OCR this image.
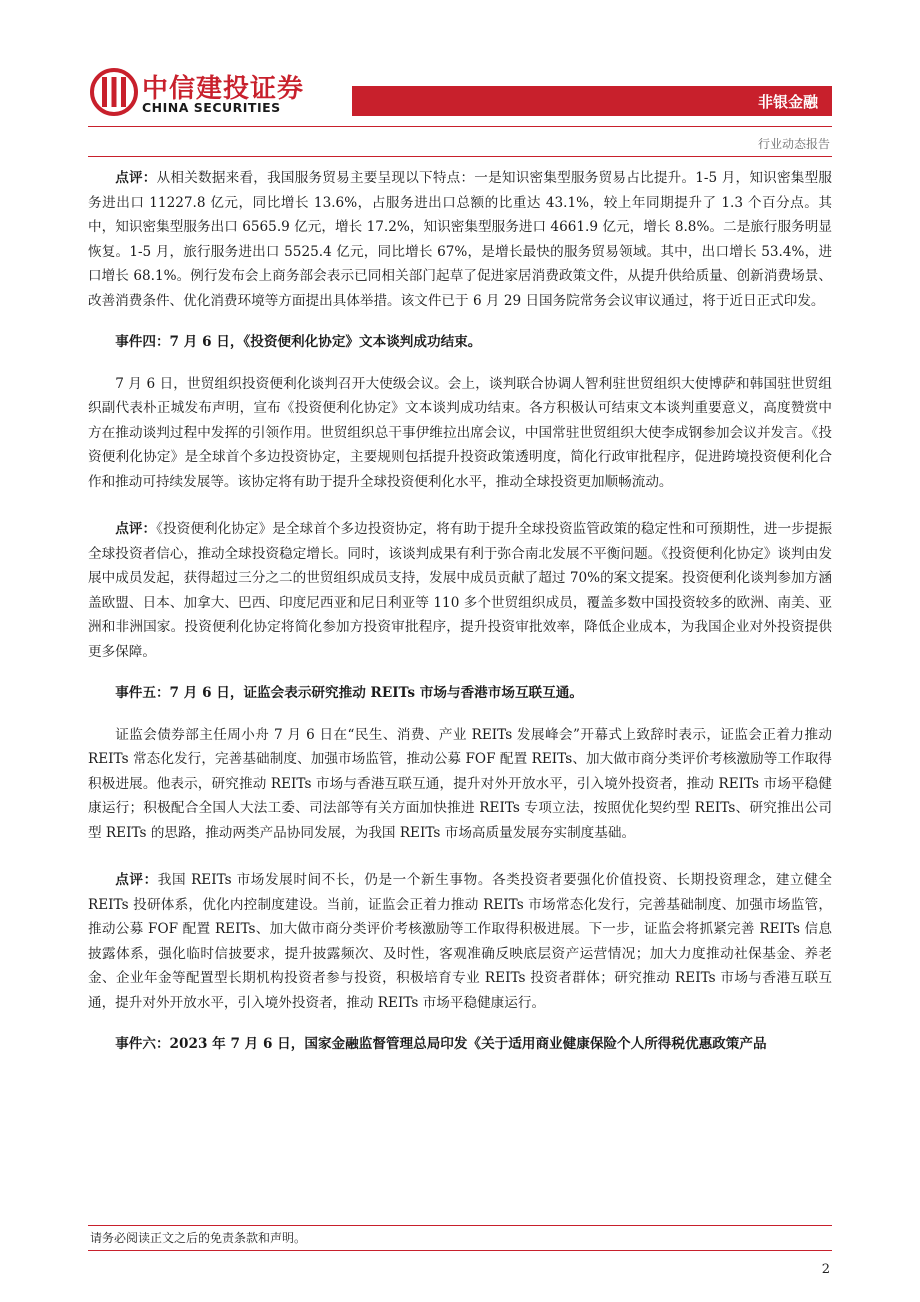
中信建投证券
CHINA SECURITIES	非银金融
行业动态报告

点评：从相关数据来看，我国服务贸易主要呈现以下特点：一是知识密集型服务贸易占比提升。1-5 月，知识密集型服务进出口 11227.8 亿元，同比增长 13.6%，占服务进出口总额的比重达 43.1%，较上年同期提升了 1.3 个百分点。其中，知识密集型服务出口 6565.9 亿元，增长 17.2%，知识密集型服务进口 4661.9 亿元，增长 8.8%。二是旅行服务明显恢复。1-5 月，旅行服务进出口 5525.4 亿元，同比增长 67%，是增长最快的服务贸易领域。其中，出口增长 53.4%，进口增长 68.1%。例行发布会上商务部会表示已同相关部门起草了促进家居消费政策文件，从提升供给质量、创新消费场景、改善消费条件、优化消费环境等方面提出具体举措。该文件已于 6 月 29 日国务院常务会议审议通过，将于近日正式印发。

事件四：7 月 6 日，《投资便利化协定》文本谈判成功结束。

7 月 6 日，世贸组织投资便利化谈判召开大使级会议。会上，谈判联合协调人智利驻世贸组织大使博萨和韩国驻世贸组织副代表朴正城发布声明，宣布《投资便利化协定》文本谈判成功结束。各方积极认可结束文本谈判重要意义，高度赞赏中方在推动谈判过程中发挥的引领作用。世贸组织总干事伊维拉出席会议，中国常驻世贸组织大使李成钢参加会议并发言。《投资便利化协定》是全球首个多边投资协定，主要规则包括提升投资政策透明度，简化行政审批程序，促进跨境投资便利化合作和推动可持续发展等。该协定将有助于提升全球投资便利化水平，推动全球投资更加顺畅流动。

点评：《投资便利化协定》是全球首个多边投资协定，将有助于提升全球投资监管政策的稳定性和可预期性，进一步提振全球投资者信心，推动全球投资稳定增长。同时，该谈判成果有利于弥合南北发展不平衡问题。《投资便利化协定》谈判由发展中成员发起，获得超过三分之二的世贸组织成员支持，发展中成员贡献了超过 70%的案文提案。投资便利化谈判参加方涵盖欧盟、日本、加拿大、巴西、印度尼西亚和尼日利亚等 110 多个世贸组织成员，覆盖多数中国投资较多的欧洲、南美、亚洲和非洲国家。投资便利化协定将简化参加方投资审批程序，提升投资审批效率，降低企业成本，为我国企业对外投资提供更多保障。

事件五：7 月 6 日，证监会表示研究推动 REITs 市场与香港市场互联互通。

证监会债券部主任周小舟 7 月 6 日在“民生、消费、产业 REITs 发展峰会”开幕式上致辞时表示，证监会正着力推动 REITs 常态化发行，完善基础制度、加强市场监管，推动公募 FOF 配置 REITs、加大做市商分类评价考核激励等工作取得积极进展。他表示，研究推动 REITs 市场与香港互联互通，提升对外开放水平，引入境外投资者，推动 REITs 市场平稳健康运行；积极配合全国人大法工委、司法部等有关方面加快推进 REITs 专项立法，按照优化契约型 REITs、研究推出公司型 REITs 的思路，推动两类产品协同发展，为我国 REITs 市场高质量发展夯实制度基础。

点评：我国 REITs 市场发展时间不长，仍是一个新生事物。各类投资者要强化价值投资、长期投资理念，建立健全 REITs 投研体系，优化内控制度建设。当前，证监会正着力推动 REITs 市场常态化发行，完善基础制度、加强市场监管，推动公募 FOF 配置 REITs、加大做市商分类评价考核激励等工作取得积极进展。下一步，证监会将抓紧完善 REITs 信息披露体系，强化临时信披要求，提升披露频次、及时性，客观准确反映底层资产运营情况；加大力度推动社保基金、养老金、企业年金等配置型长期机构投资者参与投资，积极培育专业 REITs 投资者群体；研究推动 REITs 市场与香港互联互通，提升对外开放水平，引入境外投资者，推动 REITs 市场平稳健康运行。

事件六：2023 年 7 月 6 日，国家金融监督管理总局印发《关于适用商业健康保险个人所得税优惠政策产品

请务必阅读正文之后的免责条款和声明。
2
